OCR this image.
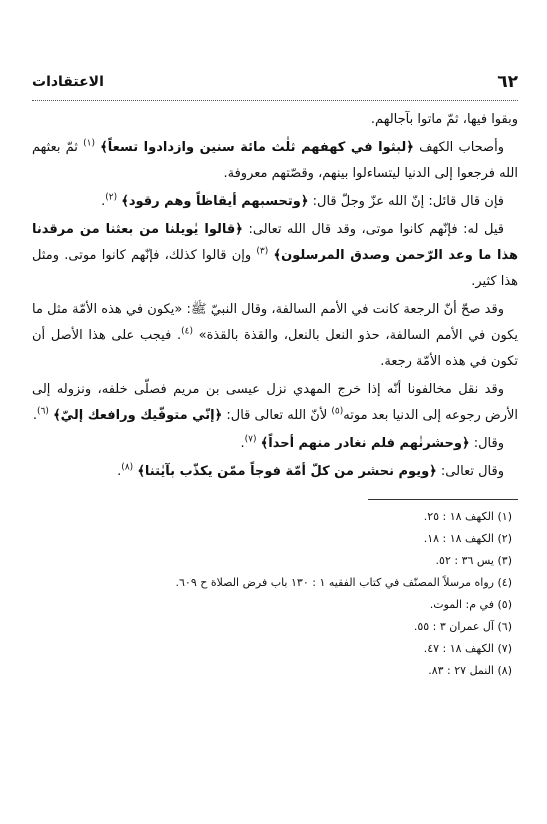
٦٢
الاعتقادات

وبقوا فيها، ثمّ ماتوا بآجالهم.

وأصحاب الكهف ﴿لبثوا في كهفهم ثلٰث مائة سنين وازدادوا تسعاً﴾ $^{(١)}$ ثمّ بعثهم الله فرجعوا إلى الدنيا ليتساءلوا بينهم، وقصّتهم معروفة.

فإن قال قائل: إنّ الله عزّ وجلّ قال: ﴿وتحسبهم أيقاظاً وهم رقود﴾ $^{(٢)}$.

قيل له: فإنّهم كانوا موتى، وقد قال الله تعالى: ﴿قالوا يٰويلنا من بعثنا من مرقدنا هذا ما وعد الرّحمن وصدق المرسلون﴾ $^{(٣)}$ وإن قالوا كذلك، فإنّهم كانوا موتى. ومثل هذا كثير.

وقد صحّ أنّ الرجعة كانت في الأمم السالفة، وقال النبيّ ﷺ: «يكون في هذه الأمّة مثل ما يكون في الأمم السالفة، حذو النعل بالنعل، والقذة بالقذة» $^{(٤)}$. فيجب على هذا الأصل أن تكون في هذه الأمّة رجعة.

وقد نقل مخالفونا أنّه إذا خرج المهدي نزل عيسى بن مريم فصلّى خلفه، ونزوله إلى الأرض رجوعه إلى الدنيا بعد موته$^{(٥)}$ لأنّ الله تعالى قال: ﴿إنّي متوفّيك ورافعك إليّ﴾ $^{(٦)}$.

وقال: ﴿وحشرنٰهم فلم نغادر منهم أحداً﴾ $^{(٧)}$.

وقال تعالى: ﴿ويوم نحشر من كلّ أمّة فوجاً ممّن يكذّب بآيٰتنا﴾ $^{(٨)}$.

(١) الكهف ١٨ : ٢٥.
(٢) الكهف ١٨ : ١٨.
(٣) يس ٣٦ : ٥٢.
(٤) رواه مرسلاً المصنّف في كتاب الفقيه ١ : ١٣٠ باب فرض الصلاة ح ٦٠٩.
(٥) في م: الموت.
(٦) آل عمران ٣ : ٥٥.
(٧) الكهف ١٨ : ٤٧.
(٨) النمل ٢٧ : ٨٣.
